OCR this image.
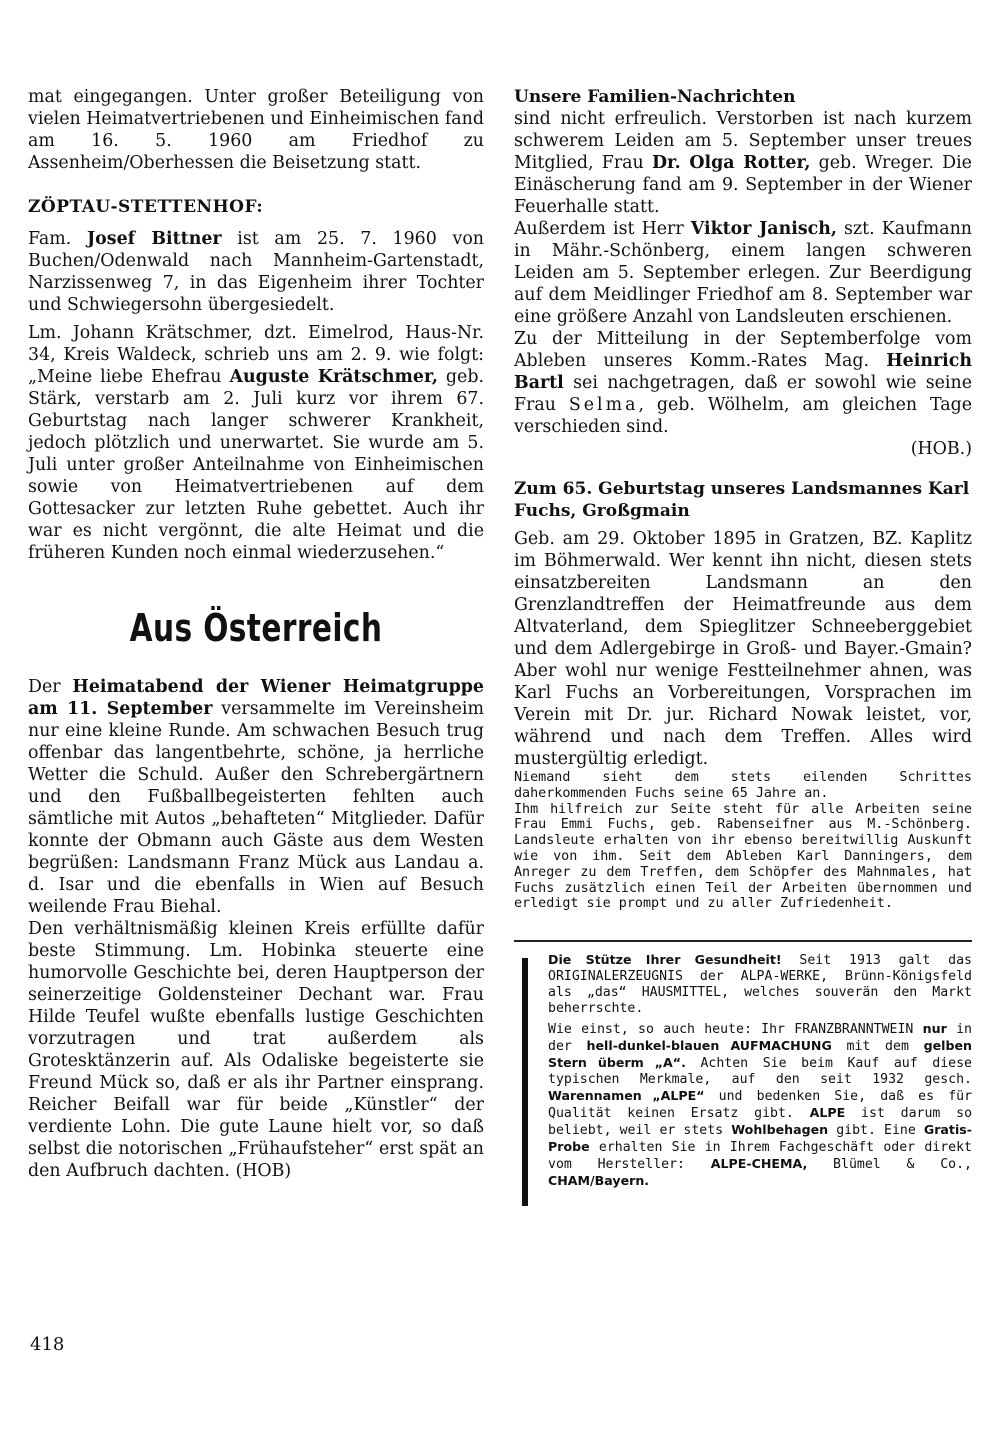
mat eingegangen. Unter großer Beteiligung von vielen Heimatvertriebenen und Einheimischen fand am 16. 5. 1960 am Friedhof zu Assenheim/Oberhessen die Beisetzung statt.

ZÖPTAU-STETTENHOF:

Fam. Josef Bittner ist am 25. 7. 1960 von Buchen/Odenwald nach Mannheim-Gartenstadt, Narzissenweg 7, in das Eigenheim ihrer Tochter und Schwiegersohn übergesiedelt.

Lm. Johann Krätschmer, dzt. Eimelrod, Haus-Nr. 34, Kreis Waldeck, schrieb uns am 2. 9. wie folgt: „Meine liebe Ehefrau Auguste Krätschmer, geb. Stärk, verstarb am 2. Juli kurz vor ihrem 67. Geburtstag nach langer schwerer Krankheit, jedoch plötzlich und unerwartet. Sie wurde am 5. Juli unter großer Anteilnahme von Einheimischen sowie von Heimatvertriebenen auf dem Gottesacker zur letzten Ruhe gebettet. Auch ihr war es nicht vergönnt, die alte Heimat und die früheren Kunden noch einmal wiederzusehen.“

Aus Österreich

Der Heimatabend der Wiener Heimatgruppe am 11. September versammelte im Vereinsheim nur eine kleine Runde. Am schwachen Besuch trug offenbar das langentbehrte, schöne, ja herrliche Wetter die Schuld. Außer den Schrebergärtnern und den Fußballbegeisterten fehlten auch sämtliche mit Autos „behafteten“ Mitglieder. Dafür konnte der Obmann auch Gäste aus dem Westen begrüßen: Landsmann Franz Mück aus Landau a. d. Isar und die ebenfalls in Wien auf Besuch weilende Frau Biehal.

Den verhältnismäßig kleinen Kreis erfüllte dafür beste Stimmung. Lm. Hobinka steuerte eine humorvolle Geschichte bei, deren Hauptperson der seinerzeitige Goldensteiner Dechant war. Frau Hilde Teufel wußte ebenfalls lustige Geschichten vorzutragen und trat außerdem als Grotesktänzerin auf. Als Odaliske begeisterte sie Freund Mück so, daß er als ihr Partner einsprang. Reicher Beifall war für beide „Künstler“ der verdiente Lohn. Die gute Laune hielt vor, so daß selbst die notorischen „Frühaufsteher“ erst spät an den Aufbruch dachten. (HOB)

Unsere Familien-Nachrichten

sind nicht erfreulich. Verstorben ist nach kurzem schwerem Leiden am 5. September unser treues Mitglied, Frau Dr. Olga Rotter, geb. Wreger. Die Einäscherung fand am 9. September in der Wiener Feuerhalle statt.

Außerdem ist Herr Viktor Janisch, szt. Kaufmann in Mähr.-Schönberg, einem langen schweren Leiden am 5. September erlegen. Zur Beerdigung auf dem Meidlinger Friedhof am 8. September war eine größere Anzahl von Landsleuten erschienen.

Zu der Mitteilung in der Septemberfolge vom Ableben unseres Komm.-Rates Mag. Heinrich Bartl sei nachgetragen, daß er sowohl wie seine Frau Selma, geb. Wölhelm, am gleichen Tage verschieden sind.

(HOB.)

Zum 65. Geburtstag unseres Landsmannes Karl Fuchs, Großgmain

Geb. am 29. Oktober 1895 in Gratzen, BZ. Kaplitz im Böhmerwald. Wer kennt ihn nicht, diesen stets einsatzbereiten Landsmann an den Grenzlandtreffen der Heimatfreunde aus dem Altvaterland, dem Spieglitzer Schneeberggebiet und dem Adlergebirge in Groß- und Bayer.-Gmain? Aber wohl nur wenige Festteilnehmer ahnen, was Karl Fuchs an Vorbereitungen, Vorsprachen im Verein mit Dr. jur. Richard Nowak leistet, vor, während und nach dem Treffen. Alles wird mustergültig erledigt.

Niemand sieht dem stets eilenden Schrittes daherkommenden Fuchs seine 65 Jahre an.

Ihm hilfreich zur Seite steht für alle Arbeiten seine Frau Emmi Fuchs, geb. Rabenseifner aus M.-Schönberg. Landsleute erhalten von ihr ebenso bereitwillig Auskunft wie von ihm. Seit dem Ableben Karl Danningers, dem Anreger zu dem Treffen, dem Schöpfer des Mahnmales, hat Fuchs zusätzlich einen Teil der Arbeiten übernommen und erledigt sie prompt und zu aller Zufriedenheit.

Die Stütze Ihrer Gesundheit! Seit 1913 galt das ORIGINALERZEUGNIS der ALPA-WERKE, Brünn-Königsfeld als „das“ HAUSMITTEL, welches souverän den Markt beherrschte.

Wie einst, so auch heute: Ihr FRANZBRANNTWEIN nur in der hell-dunkel-blauen AUFMACHUNG mit dem gelben Stern überm „A“. Achten Sie beim Kauf auf diese typischen Merkmale, auf den seit 1932 gesch. Warennamen „ALPE“ und bedenken Sie, daß es für Qualität keinen Ersatz gibt. ALPE ist darum so beliebt, weil er stets Wohlbehagen gibt. Eine Gratis-Probe erhalten Sie in Ihrem Fachgeschäft oder direkt vom Hersteller: ALPE-CHEMA, Blümel & Co., CHAM/Bayern.

418
